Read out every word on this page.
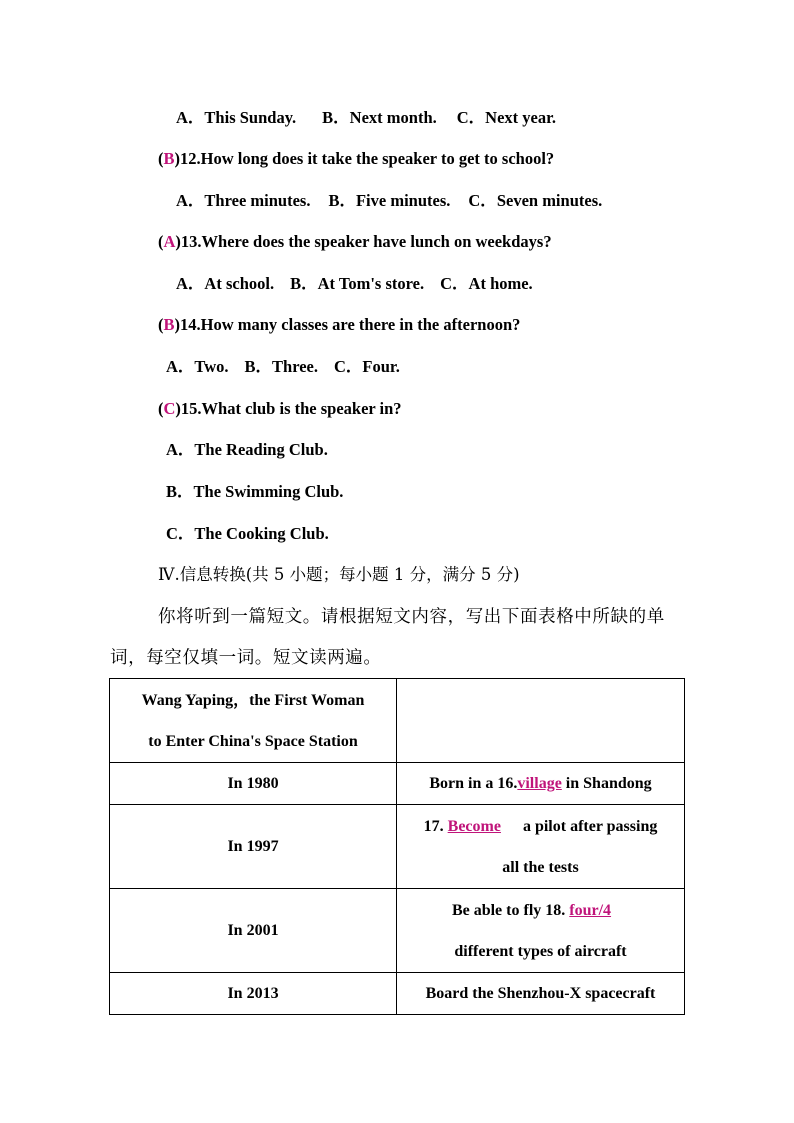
A．This Sunday. B．Next month. C．Next year.
(B)12.How long does it take the speaker to get to school?
A．Three minutes. B．Five minutes. C．Seven minutes.
(A)13.Where does the speaker have lunch on weekdays?
A．At school. B．At Tom's store. C．At home.
(B)14.How many classes are there in the afternoon?
A．Two. B．Three. C．Four.
(C)15.What club is the speaker in?
A．The Reading Club.
B．The Swimming Club.
C．The Cooking Club.
Ⅳ.信息转换(共 5 小题；每小题 1 分，满分 5 分)
你将听到一篇短文。请根据短文内容，写出下面表格中所缺的单
词，每空仅填一词。短文读两遍。
Wang Yaping，the First Woman
to Enter China's Space Station	

In 1980	Born in a 16.village in Shandong
In 1997	17. Become a pilot after passing
all the tests

In 2001	Be able to fly 18. four/4
different types of aircraft

In 2013	Board the Shenzhou-X spacecraft
